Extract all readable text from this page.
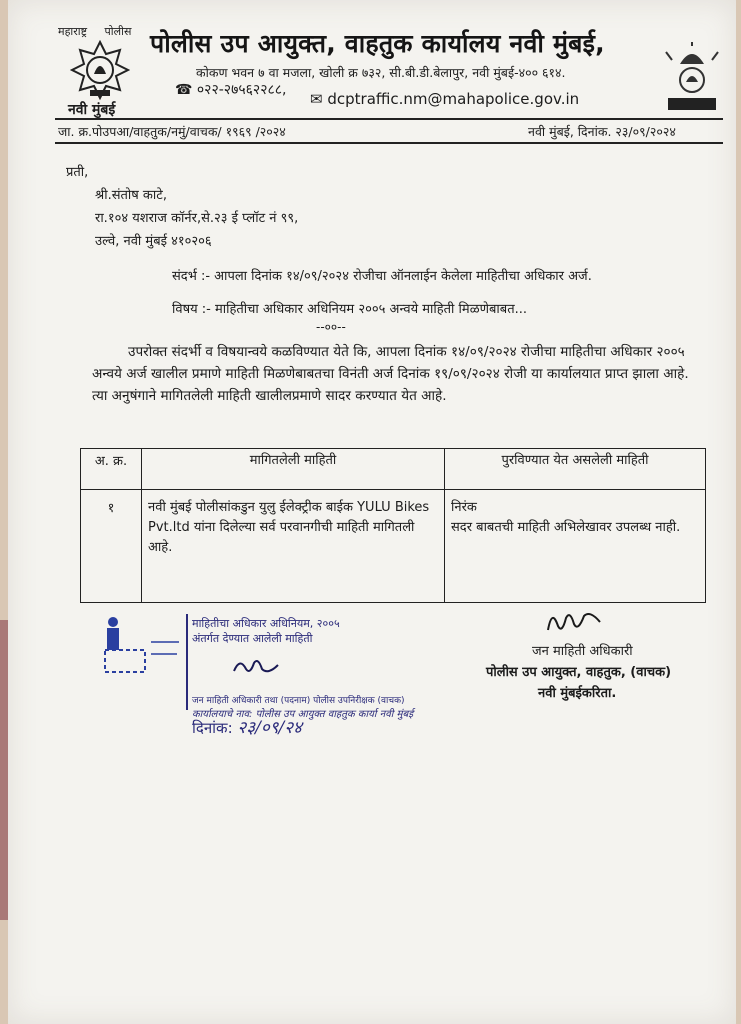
महाराष्ट्र पोलीस पोलीस उप आयुक्त, वाहतुक कार्यालय नवी मुंबई,
नवी मुंबई
कोकण भवन ७ वा मजला, खोली क्र ७३२, सी.बी.डी.बेलापुर, नवी मुंबई-४०० ६१४.
☎ ०२२-२७५६२२८८, ✉ dcptraffic.nm@mahapolice.gov.in
जा. क्र.पोउपआ/वाहतुक/नमुं/वाचक/ १९६९ /२०२४	नवी मुंबई, दिनांक. २३/०९/२०२४
प्रती,
श्री.संतोष काटे,
रा.१०४ यशराज कॉर्नर,से.२३ ई प्लॉट नं ९९,
उल्वे, नवी मुंबई ४१०२०६
संदर्भ :- आपला दिनांक १४/०९/२०२४ रोजीचा ऑनलाईन केलेला माहितीचा अधिकार अर्ज.
विषय :- माहितीचा अधिकार अधिनियम २००५ अन्वये माहिती मिळणेबाबत...
--००--
उपरोक्त संदर्भी व विषयान्वये कळविण्यात येते कि, आपला दिनांक १४/०९/२०२४ रोजीचा माहितीचा अधिकार २००५ अन्वये अर्ज खालील प्रमाणे माहिती मिळणेबाबतचा विनंती अर्ज दिनांक १९/०९/२०२४ रोजी या कार्यालयात प्राप्त झाला आहे. त्या अनुषंगाने मागितलेली माहिती खालीलप्रमाणे सादर करण्यात येत आहे.
अ. क्र.	मागितलेली माहिती	पुरविण्यात येत असलेली माहिती
१	नवी मुंबई पोलीसांकडुन युलु ईलेक्ट्रीक बाईक YULU Bikes Pvt.ltd यांना दिलेल्या सर्व परवानगीची माहिती मागितली आहे.	निरंक
सदर बाबतची माहिती अभिलेखावर उपलब्ध नाही.
माहितीचा अधिकार अधिनियम, २००५
अंतर्गत देण्यात आलेली माहिती
जन माहिती अधिकारी तथा (पदनाम) पोलीस उपनिरीक्षक (वाचक)
कार्यालयाचे नाव: पोलीस उप आयुक्त वाहतुक कार्या नवी मुंबई
दिनांक: २३/०९/२४
जन माहिती अधिकारी
पोलीस उप आयुक्त, वाहतुक, (वाचक)
नवी मुंबईकरिता.
